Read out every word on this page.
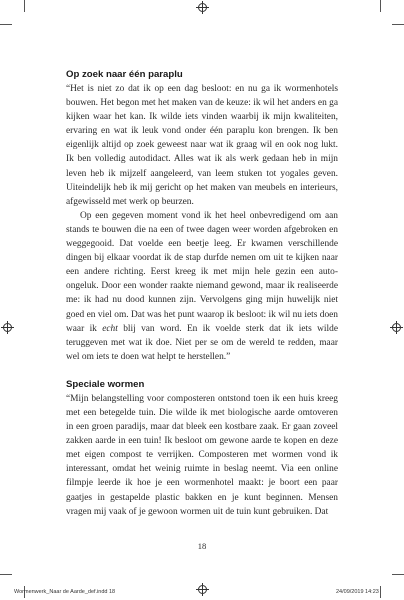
Op zoek naar één paraplu

“Het is niet zo dat ik op een dag besloot: en nu ga ik wormenhotels bouwen. Het begon met het maken van de keuze: ik wil het anders en ga kijken waar het kan. Ik wilde iets vinden waarbij ik mijn kwaliteiten, ervaring en wat ik leuk vond onder één paraplu kon brengen. Ik ben eigenlijk altijd op zoek geweest naar wat ik graag wil en ook nog lukt. Ik ben volledig autodidact. Alles wat ik als werk gedaan heb in mijn leven heb ik mijzelf aangeleerd, van leem stuken tot yogales geven. Uiteindelijk heb ik mij gericht op het maken van meubels en interieurs, afgewisseld met werk op beurzen.

Op een gegeven moment vond ik het heel onbevredigend om aan stands te bouwen die na een of twee dagen weer worden afgebroken en weggegooid. Dat voelde een beetje leeg. Er kwamen verschillende dingen bij elkaar voordat ik de stap durfde nemen om uit te kijken naar een andere richting. Eerst kreeg ik met mijn hele gezin een auto-ongeluk. Door een wonder raakte niemand gewond, maar ik realiseerde me: ik had nu dood kunnen zijn. Vervolgens ging mijn huwelijk niet goed en viel om. Dat was het punt waarop ik besloot: ik wil nu iets doen waar ik echt blij van word. En ik voelde sterk dat ik iets wilde teruggeven met wat ik doe. Niet per se om de wereld te redden, maar wel om iets te doen wat helpt te herstellen.”

Speciale wormen

“Mijn belangstelling voor composteren ontstond toen ik een huis kreeg met een betegelde tuin. Die wilde ik met biologische aarde omtoveren in een groen paradijs, maar dat bleek een kostbare zaak. Er gaan zoveel zakken aarde in een tuin! Ik besloot om gewone aarde te kopen en deze met eigen compost te verrijken. Composteren met wormen vond ik interessant, omdat het weinig ruimte in beslag neemt. Via een online filmpje leerde ik hoe je een wormenhotel maakt: je boort een paar gaatjes in gestapelde plastic bakken en je kunt beginnen. Mensen vragen mij vaak of je gewoon wormen uit de tuin kunt gebruiken. Dat

18
Wormenwerk_Naar de Aarde_def.indd 18	24/09/2019 14:23
